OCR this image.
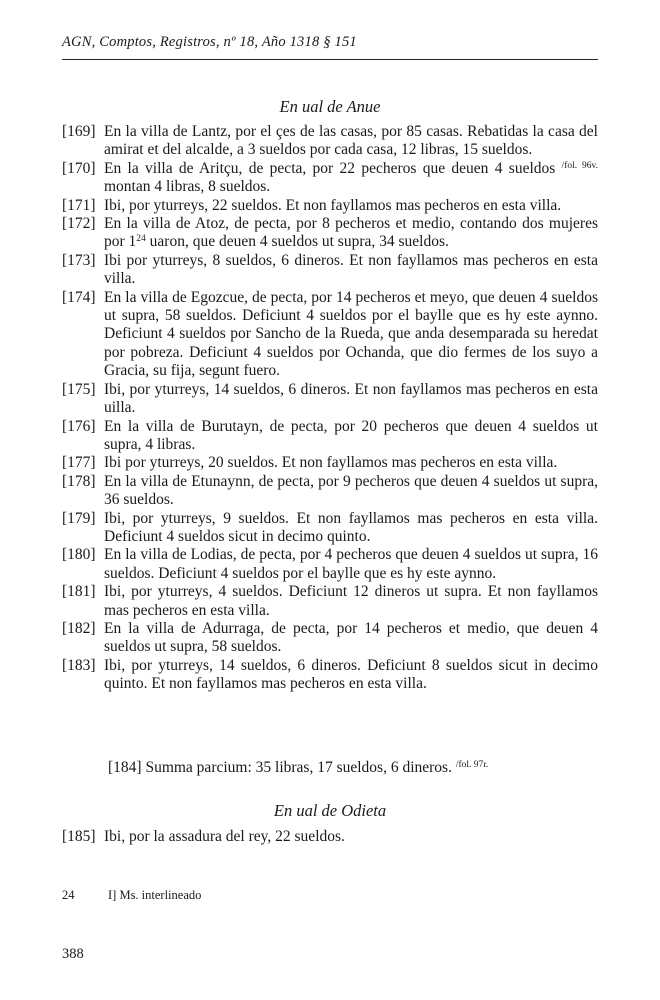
AGN, Comptos, Registros, nº 18, Año 1318 § 151
En ual de Anue
[169] En la villa de Lantz, por el çes de las casas, por 85 casas. Rebatidas la casa del amirat et del alcalde, a 3 sueldos por cada casa, 12 libras, 15 sueldos.
[170] En la villa de Aritçu, de pecta, por 22 pecheros que deuen 4 sueldos $^{/fol. 96v.}$ montan 4 libras, 8 sueldos.
[171] Ibi, por yturreys, 22 sueldos. Et non fayllamos mas pecheros en esta villa.
[172] En la villa de Atoz, de pecta, por 8 pecheros et medio, contando dos mujeres por $1^{24}$ uaron, que deuen 4 sueldos ut supra, 34 sueldos.
[173] Ibi por yturreys, 8 sueldos, 6 dineros. Et non fayllamos mas pecheros en esta villa.
[174] En la villa de Egozcue, de pecta, por 14 pecheros et meyo, que deuen 4 sueldos ut supra, 58 sueldos. Deficiunt 4 sueldos por el baylle que es hy este aynno. Deficiunt 4 sueldos por Sancho de la Rueda, que anda desemparada su heredat por pobreza. Deficiunt 4 sueldos por Ochanda, que dio fermes de los suyo a Gracia, su fija, segunt fuero.
[175] Ibi, por yturreys, 14 sueldos, 6 dineros. Et non fayllamos mas pecheros en esta uilla.
[176] En la villa de Burutayn, de pecta, por 20 pecheros que deuen 4 sueldos ut supra, 4 libras.
[177] Ibi por yturreys, 20 sueldos. Et non fayllamos mas pecheros en esta villa.
[178] En la villa de Etunaynn, de pecta, por 9 pecheros que deuen 4 sueldos ut supra, 36 sueldos.
[179] Ibi, por yturreys, 9 sueldos. Et non fayllamos mas pecheros en esta villa. Deficiunt 4 sueldos sicut in decimo quinto.
[180] En la villa de Lodias, de pecta, por 4 pecheros que deuen 4 sueldos ut supra, 16 sueldos. Deficiunt 4 sueldos por el baylle que es hy este aynno.
[181] Ibi, por yturreys, 4 sueldos. Deficiunt 12 dineros ut supra. Et non fayllamos mas pecheros en esta villa.
[182] En la villa de Adurraga, de pecta, por 14 pecheros et medio, que deuen 4 sueldos ut supra, 58 sueldos.
[183] Ibi, por yturreys, 14 sueldos, 6 dineros. Deficiunt 8 sueldos sicut in decimo quinto. Et non fayllamos mas pecheros en esta villa.
[184] Summa parcium: 35 libras, 17 sueldos, 6 dineros. $^{/fol. 97r.}$
En ual de Odieta
[185] Ibi, por la assadura del rey, 22 sueldos.
24	I] Ms. interlineado
388
